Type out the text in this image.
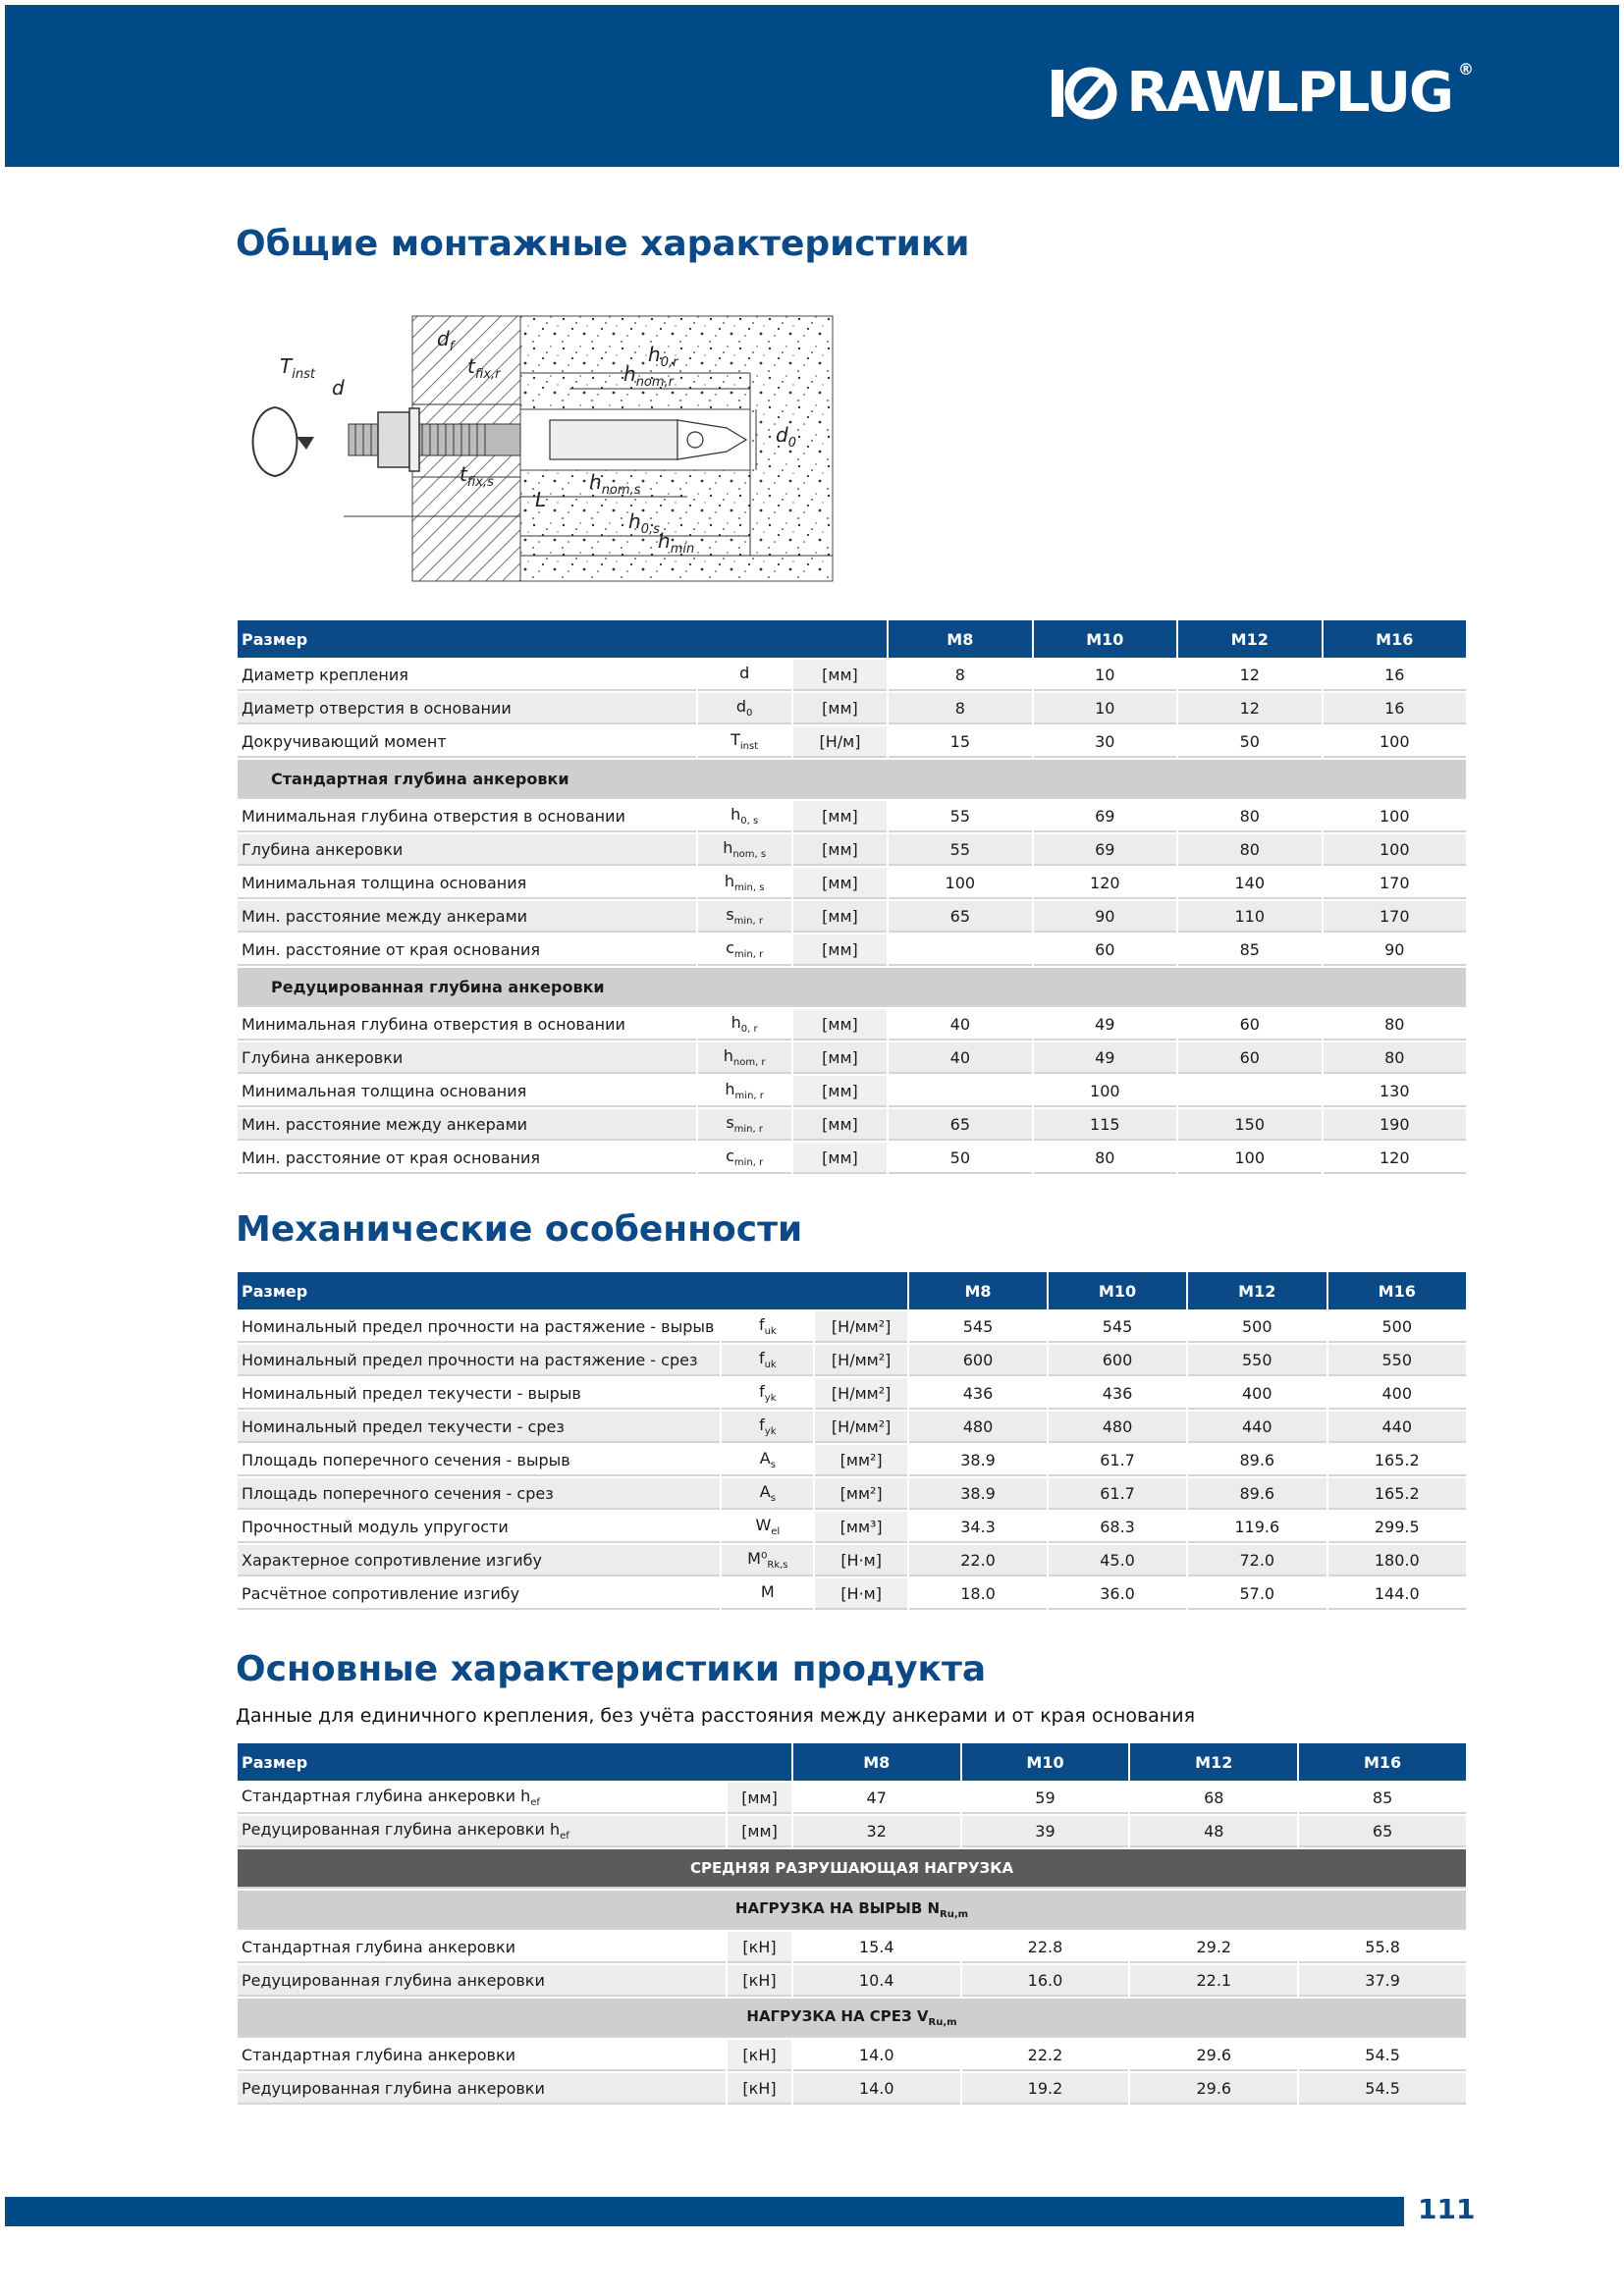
RAWLPLUG ®
Общие монтажные характеристики
$T_{inst}$
$d_f$
d
$d_0$
$t_{fix,r}$
$t_{fix,s}$
$h_{0,r}$
$h_{nom,r}$
$h_{nom,s}$
L
$h_{0,s}$
$h_{min}$
Размер			M8	M10	M12	M16
Диаметр крепления	d	[мм]	8	10	12	16
Диаметр отверстия в основании	$d_0$	[мм]	8	10	12	16
Докручивающий момент	$T_{inst}$	[Н/м]	15	30	50	100
Стандартная глубина анкеровки						
Минимальная глубина отверстия в основании	$h_{0, s}$	[мм]	55	69	80	100
Глубина анкеровки	$h_{nom, s}$	[мм]	55	69	80	100
Минимальная толщина основания	$h_{min, s}$	[мм]	100	120	140	170
Мин. расстояние между анкерами	$s_{min, r}$	[мм]	65	90	110	170
Мин. расстояние от края основания	$c_{min, r}$	[мм]		60	85	90
Редуцированная глубина анкеровки						
Минимальная глубина отверстия в основании	$h_{0, r}$	[мм]	40	49	60	80
Глубина анкеровки	$h_{nom, r}$	[мм]	40	49	60	80
Минимальная толщина основания	$h_{min, r}$	[мм]		100		130
Мин. расстояние между анкерами	$s_{min, r}$	[мм]	65	115	150	190
Мин. расстояние от края основания	$c_{min, r}$	[мм]	50	80	100	120
Механические особенности
Размер			M8	M10	M12	M16
Номинальный предел прочности на растяжение - вырыв	$f_{uk}$	[Н/мм²]	545	545	500	500
Номинальный предел прочности на растяжение - срез	$f_{uk}$	[Н/мм²]	600	600	550	550
Номинальный предел текучести - вырыв	$f_{yk}$	[Н/мм²]	436	436	400	400
Номинальный предел текучести - срез	$f_{yk}$	[Н/мм²]	480	480	440	440
Площадь поперечного сечения - вырыв	$A_s$	[мм²]	38.9	61.7	89.6	165.2
Площадь поперечного сечения - срез	$A_s$	[мм²]	38.9	61.7	89.6	165.2
Прочностный модуль упругости	$W_{el}$	[мм³]	34.3	68.3	119.6	299.5
Характерное сопротивление изгибу	$M^0_{Rk,s}$	[Н·м]	22.0	45.0	72.0	180.0
Расчётное сопротивление изгибу	M	[Н·м]	18.0	36.0	57.0	144.0
Основные характеристики продукта
Данные для единичного крепления, без учёта расстояния между анкерами и от края основания
Размер		M8	M10	M12	M16
Стандартная глубина анкеровки $h_{ef}$	[мм]	47	59	68	85
Редуцированная глубина анкеровки $h_{ef}$	[мм]	32	39	48	65
СРЕДНЯЯ РАЗРУШАЮЩАЯ НАГРУЗКА					
НАГРУЗКА НА ВЫРЫВ $N_{Ru,m}$
Стандартная глубина анкеровки	[кН]	15.4	22.8	29.2	55.8
Редуцированная глубина анкеровки	[кН]	10.4	16.0	22.1	37.9
НАГРУЗКА НА СРЕЗ $V_{Ru,m}$
Стандартная глубина анкеровки	[кН]	14.0	22.2	29.6	54.5
Редуцированная глубина анкеровки	[кН]	14.0	19.2	29.6	54.5
111
